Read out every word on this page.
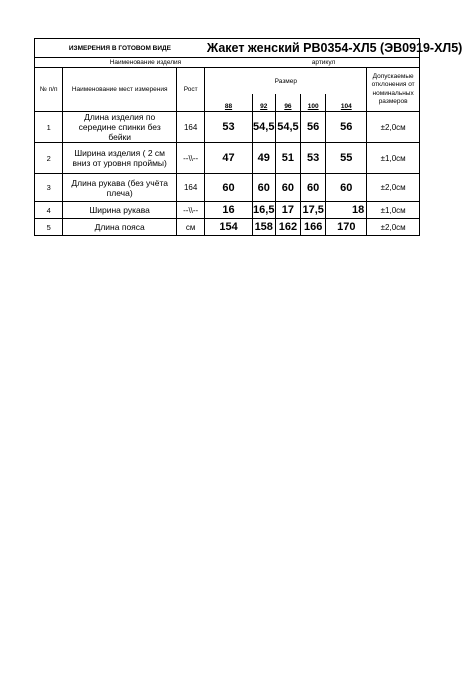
ИЗМЕРЕНИЯ В ГОТОВОМ ВИДЕ			Жакет женский РВ0354-ХЛ5 (ЭВ0919-ХЛ5)						
	Наименование изделия			артикул					
№ п/п	Наименование мест измерения	Рост	Размер						Допускаемые отклонения от номинальных размеров
			88		92	96	100	104	
1	Длина изделия по середине спинки без бейки	164	53		54,5	54,5	56	56	±2,0см
2	Ширина изделия ( 2 см вниз от уровня проймы)	--\\--	47		49	51	53	55	±1,0см
3	Длина рукава (без учёта плеча)	164	60		60	60	60	60	±2,0см
4	Ширина рукава	--\\--	16		16,5	17	17,5	18	±1,0см
5	Длина пояса	см	154		158	162	166	170	±2,0см
